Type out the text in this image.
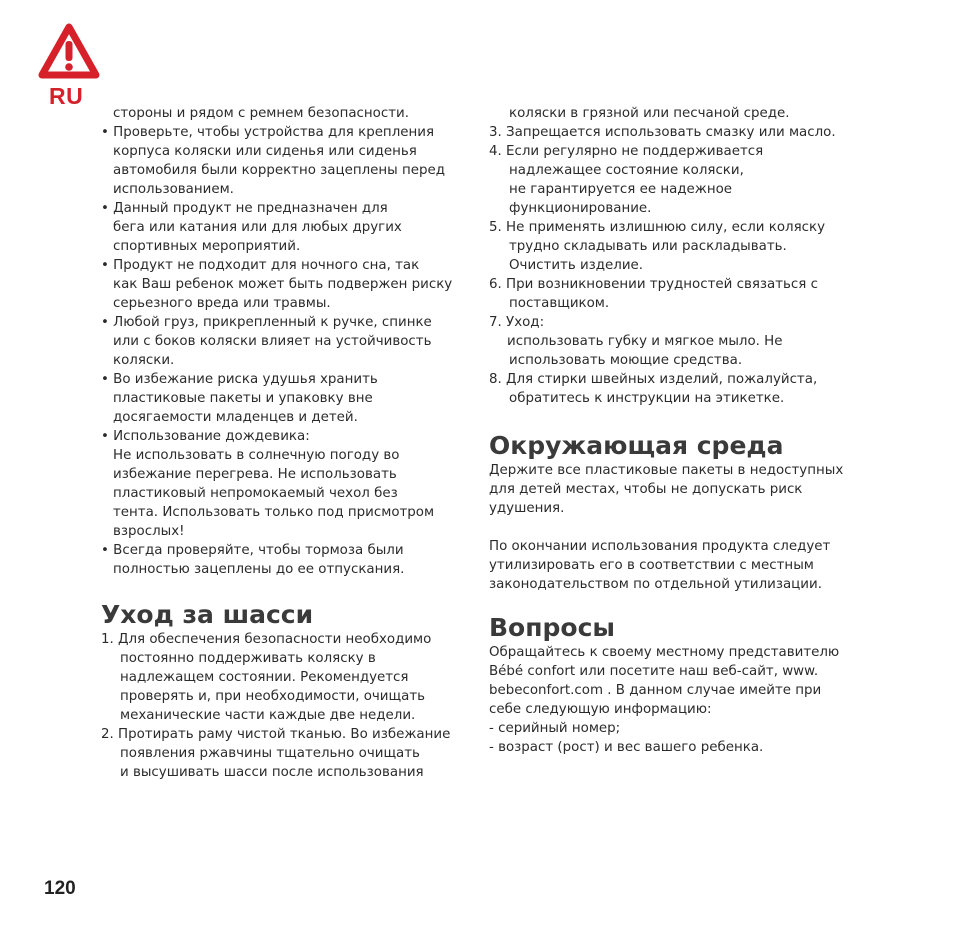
RU
стороны и рядом с ремнем безопасности.
• Проверьте, чтобы устройства для крепления
корпуса коляски или сиденья или сиденья
автомобиля были корректно зацеплены перед
использованием.
• Данный продукт не предназначен для
бега или катания или для любых других
спортивных мероприятий.
• Продукт не подходит для ночного сна, так
как Ваш ребенок может быть подвержен риску
серьезного вреда или травмы.
• Любой груз, прикрепленный к ручке, спинке
или с боков коляски влияет на устойчивость
коляски.
• Во избежание риска удушья хранить
пластиковые пакеты и упаковку вне
досягаемости младенцев и детей.
• Использование дождевика:
Не использовать в солнечную погоду во
избежание перегрева. Не использовать
пластиковый непромокаемый чехол без
тента. Использовать только под присмотром
взрослых!
• Всегда проверяйте, чтобы тормоза были
полностью зацеплены до ее отпускания.
Уход за шасси
1. Для обеспечения безопасности необходимо
постоянно поддерживать коляску в
надлежащем состоянии. Рекомендуется
проверять и, при необходимости, очищать
механические части каждые две недели.
2. Протирать раму чистой тканью. Во избежание
появления ржавчины тщательно очищать
и высушивать шасси после использования
коляски в грязной или песчаной среде.
3. Запрещается использовать смазку или масло.
4. Если регулярно не поддерживается
надлежащее состояние коляски,
не гарантируется ее надежное
функционирование.
5. Не применять излишнюю силу, если коляску
трудно складывать или раскладывать.
Очистить изделие.
6. При возникновении трудностей связаться с
поставщиком.
7. Уход:
использовать губку и мягкое мыло. Не
использовать моющие средства.
8. Для стирки швейных изделий, пожалуйста,
обратитесь к инструкции на этикетке.
Окружающая среда
Держите все пластиковые пакеты в недоступных
для детей местах, чтобы не допускать риск
удушения.
По окончании использования продукта следует
утилизировать его в соответствии с местным
законодательством по отдельной утилизации.
Вопросы
Обращайтесь к своему местному представителю
Bébé confort или посетите наш веб-сайт, www.
bebeconfort.com . В данном случае имейте при
себе следующую информацию:
- серийный номер;
- возраст (рост) и вес вашего ребенка.
120
